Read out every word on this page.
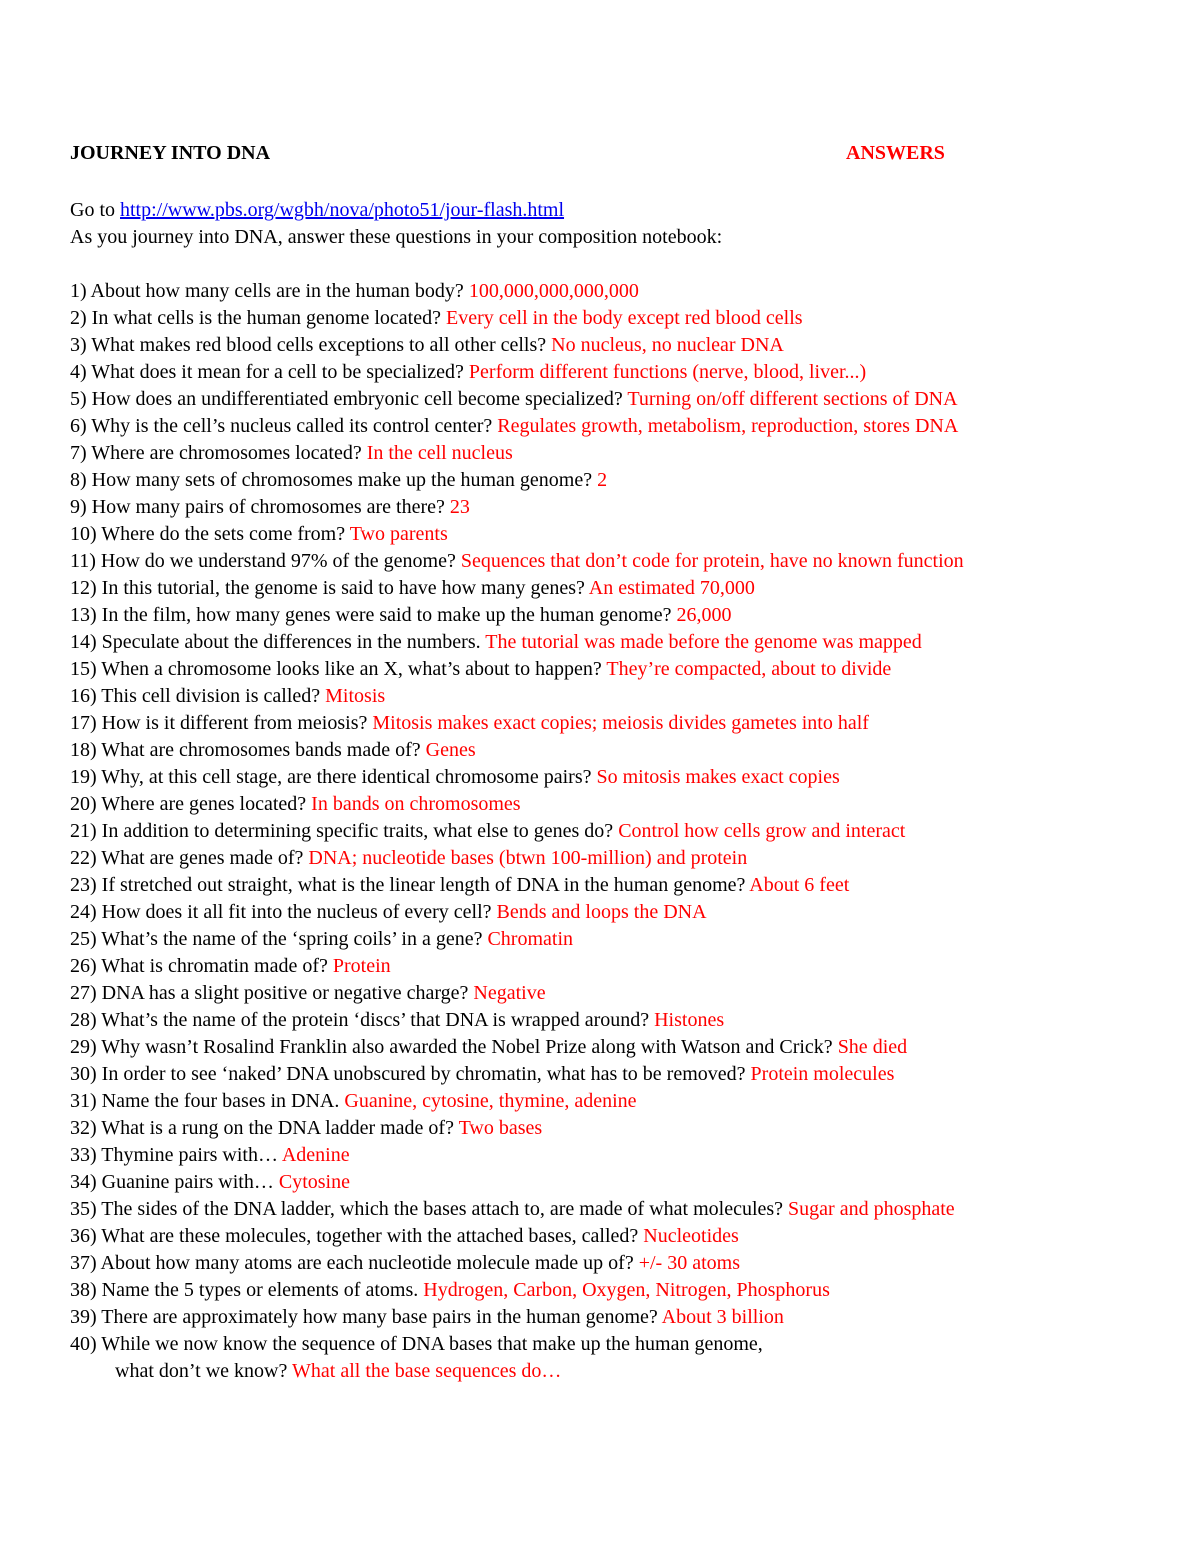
JOURNEY INTO DNA	ANSWERS
Go to http://www.pbs.org/wgbh/nova/photo51/jour-flash.html
As you journey into DNA, answer these questions in your composition notebook:
1) About how many cells are in the human body? 100,000,000,000,000
2) In what cells is the human genome located? Every cell in the body except red blood cells
3) What makes red blood cells exceptions to all other cells? No nucleus, no nuclear DNA
4) What does it mean for a cell to be specialized? Perform different functions (nerve, blood, liver...)
5) How does an undifferentiated embryonic cell become specialized? Turning on/off different sections of DNA
6) Why is the cell’s nucleus called its control center? Regulates growth, metabolism, reproduction, stores DNA
7) Where are chromosomes located? In the cell nucleus
8) How many sets of chromosomes make up the human genome? 2
9) How many pairs of chromosomes are there? 23
10) Where do the sets come from? Two parents
11) How do we understand 97% of the genome? Sequences that don’t code for protein, have no known function
12) In this tutorial, the genome is said to have how many genes? An estimated 70,000
13) In the film, how many genes were said to make up the human genome? 26,000
14) Speculate about the differences in the numbers. The tutorial was made before the genome was mapped
15) When a chromosome looks like an X, what’s about to happen? They’re compacted, about to divide
16) This cell division is called? Mitosis
17) How is it different from meiosis? Mitosis makes exact copies; meiosis divides gametes into half
18) What are chromosomes bands made of? Genes
19) Why, at this cell stage, are there identical chromosome pairs? So mitosis makes exact copies
20) Where are genes located? In bands on chromosomes
21) In addition to determining specific traits, what else to genes do? Control how cells grow and interact
22) What are genes made of? DNA; nucleotide bases (btwn 100-million) and protein
23) If stretched out straight, what is the linear length of DNA in the human genome? About 6 feet
24) How does it all fit into the nucleus of every cell? Bends and loops the DNA
25) What’s the name of the ‘spring coils’ in a gene? Chromatin
26) What is chromatin made of? Protein
27) DNA has a slight positive or negative charge? Negative
28) What’s the name of the protein ‘discs’ that DNA is wrapped around? Histones
29) Why wasn’t Rosalind Franklin also awarded the Nobel Prize along with Watson and Crick? She died
30) In order to see ‘naked’ DNA unobscured by chromatin, what has to be removed? Protein molecules
31) Name the four bases in DNA. Guanine, cytosine, thymine, adenine
32) What is a rung on the DNA ladder made of? Two bases
33) Thymine pairs with… Adenine
34) Guanine pairs with… Cytosine
35) The sides of the DNA ladder, which the bases attach to, are made of what molecules? Sugar and phosphate
36) What are these molecules, together with the attached bases, called? Nucleotides
37) About how many atoms are each nucleotide molecule made up of? +/- 30 atoms
38) Name the 5 types or elements of atoms. Hydrogen, Carbon, Oxygen, Nitrogen, Phosphorus
39) There are approximately how many base pairs in the human genome? About 3 billion
40) While we now know the sequence of DNA bases that make up the human genome,
what don’t we know? What all the base sequences do…
